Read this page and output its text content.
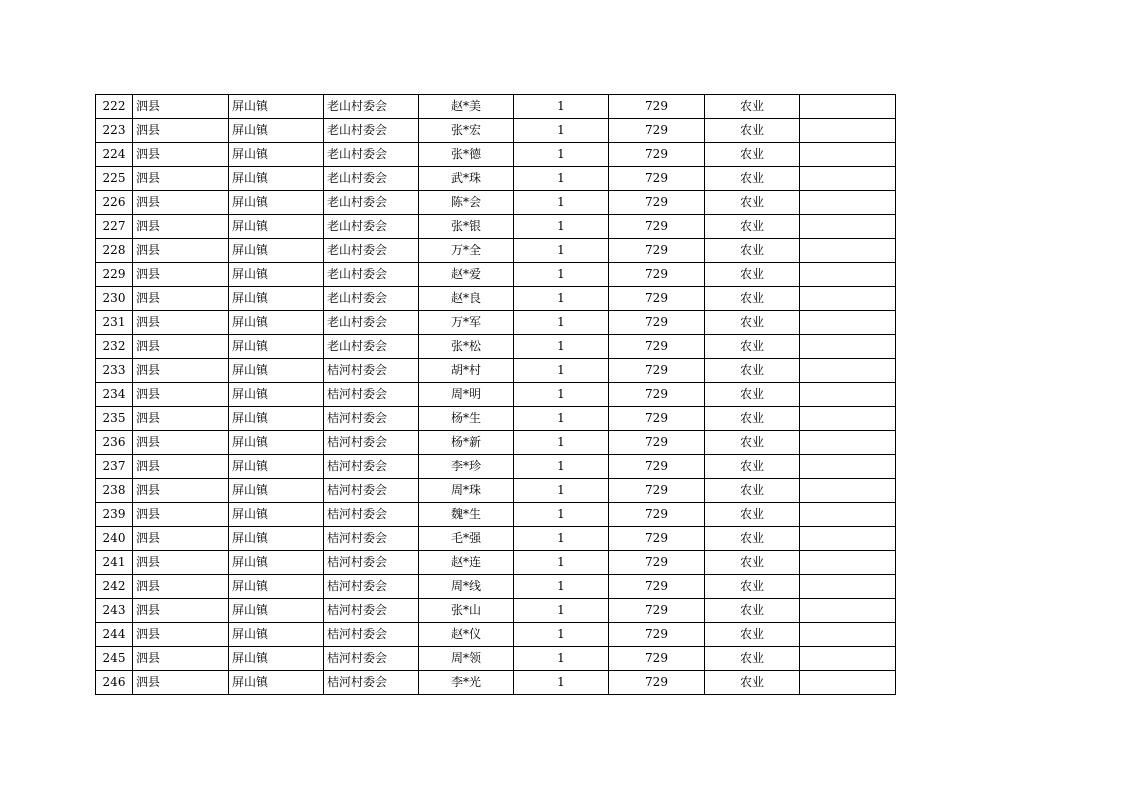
222	泗县	屏山镇	老山村委会	赵*美	1	729	农业	
223	泗县	屏山镇	老山村委会	张*宏	1	729	农业	
224	泗县	屏山镇	老山村委会	张*德	1	729	农业	
225	泗县	屏山镇	老山村委会	武*珠	1	729	农业	
226	泗县	屏山镇	老山村委会	陈*会	1	729	农业	
227	泗县	屏山镇	老山村委会	张*银	1	729	农业	
228	泗县	屏山镇	老山村委会	万*全	1	729	农业	
229	泗县	屏山镇	老山村委会	赵*爱	1	729	农业	
230	泗县	屏山镇	老山村委会	赵*良	1	729	农业	
231	泗县	屏山镇	老山村委会	万*军	1	729	农业	
232	泗县	屏山镇	老山村委会	张*松	1	729	农业	
233	泗县	屏山镇	桔河村委会	胡*村	1	729	农业	
234	泗县	屏山镇	桔河村委会	周*明	1	729	农业	
235	泗县	屏山镇	桔河村委会	杨*生	1	729	农业	
236	泗县	屏山镇	桔河村委会	杨*新	1	729	农业	
237	泗县	屏山镇	桔河村委会	李*珍	1	729	农业	
238	泗县	屏山镇	桔河村委会	周*珠	1	729	农业	
239	泗县	屏山镇	桔河村委会	魏*生	1	729	农业	
240	泗县	屏山镇	桔河村委会	毛*强	1	729	农业	
241	泗县	屏山镇	桔河村委会	赵*连	1	729	农业	
242	泗县	屏山镇	桔河村委会	周*线	1	729	农业	
243	泗县	屏山镇	桔河村委会	张*山	1	729	农业	
244	泗县	屏山镇	桔河村委会	赵*仪	1	729	农业	
245	泗县	屏山镇	桔河村委会	周*领	1	729	农业	
246	泗县	屏山镇	桔河村委会	李*光	1	729	农业	
